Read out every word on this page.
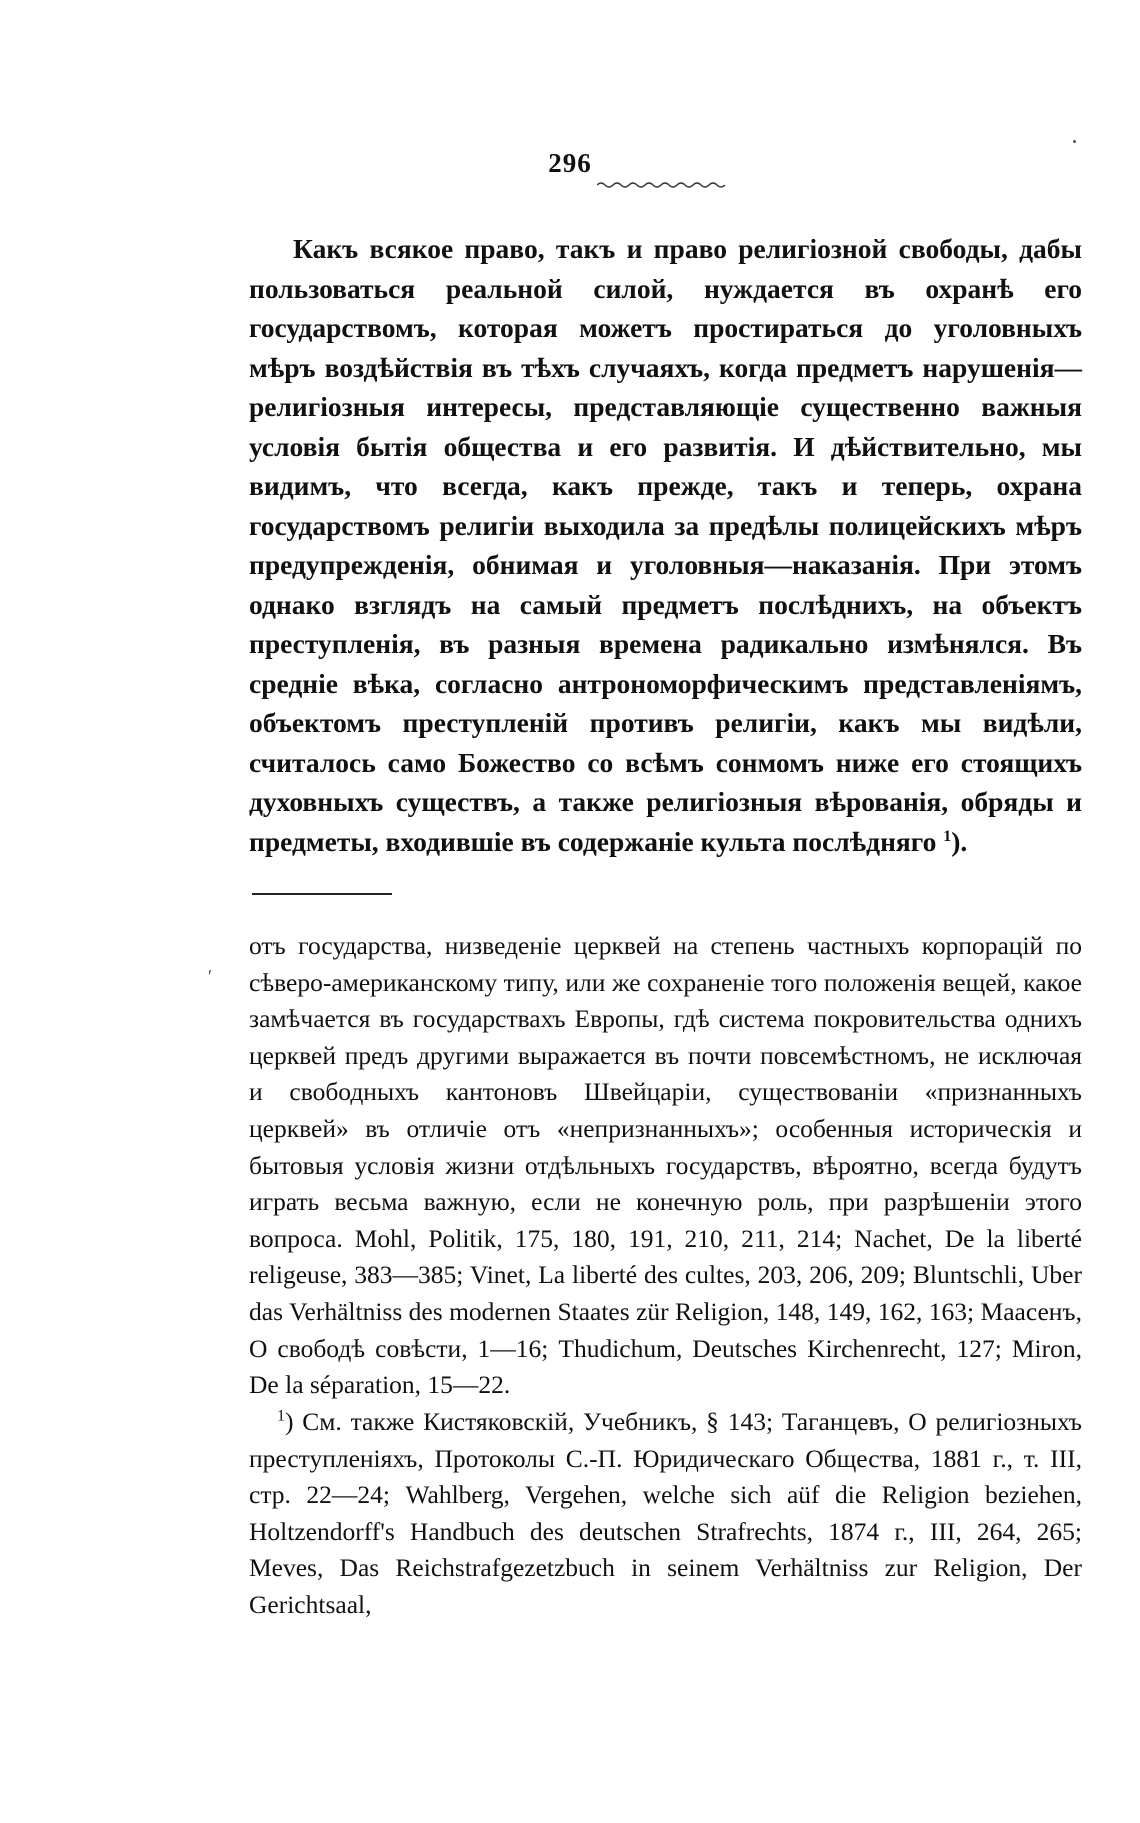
296

Какъ всякое право, такъ и право религіозной свободы, дабы пользоваться реальной силой, нуждается въ охранѣ его государствомъ, которая можетъ простираться до уголовныхъ мѣръ воздѣйствія въ тѣхъ случаяхъ, когда предметъ нарушенія—религіозныя интересы, представляющіе существенно важныя условія бытія общества и его развитія. И дѣйствительно, мы видимъ, что всегда, какъ прежде, такъ и теперь, охрана государствомъ религіи выходила за предѣлы полицейскихъ мѣръ предупрежденія, обнимая и уголовныя—наказанія. При этомъ однако взглядъ на самый предметъ послѣднихъ, на объектъ преступленія, въ разныя времена радикально измѣнялся. Въ средніе вѣка, согласно антрономорфическимъ представленіямъ, объектомъ преступленій противъ религіи, какъ мы видѣли, считалось само Божество со всѣмъ сонмомъ ниже его стоящихъ духовныхъ существъ, а также религіозныя вѣрованія, обряды и предметы, входившіе въ содержаніе культа послѣдняго $^1$).

ʹ

отъ государства, низведеніе церквей на степень частныхъ корпорацій по сѣверо-американскому типу, или же сохраненіе того положенія вещей, какое замѣчается въ государствахъ Европы, гдѣ система покровительства однихъ церквей предъ другими выражается въ почти повсемѣстномъ, не исключая и свободныхъ кантоновъ Швейцаріи, существованіи «признанныхъ церквей» въ отличіе отъ «непризнанныхъ»; особенныя историческія и бытовыя условія жизни отдѣльныхъ государствъ, вѣроятно, всегда будутъ играть весьма важную, если не конечную роль, при разрѣшеніи этого вопроса. Mohl, Politik, 175, 180, 191, 210, 211, 214; Nachet, De la liberté religeuse, 383—385; Vinet, La liberté des cultes, 203, 206, 209; Bluntschli, Uber das Verhältniss des modernen Staates zür Religion, 148, 149, 162, 163; Маасенъ, О свободѣ совѣсти, 1—16; Thudichum, Deutsches Kirchenrecht, 127; Miron, De la séparation, 15—22.

$^1$) См. также Кистяковскій, Учебникъ, § 143; Таганцевъ, О религіозныхъ преступленіяхъ, Протоколы С.-П. Юридическаго Общества, 1881 г., т. III, стр. 22—24; Wahlberg, Vergehen, welche sich aüf die Religion beziehen, Holtzendorff's Handbuch des deutschen Strafrechts, 1874 г., III, 264, 265; Meves, Das Reichstrafgezetzbuch in seinem Verhältniss zur Religion, Der Gerichtsaal,
